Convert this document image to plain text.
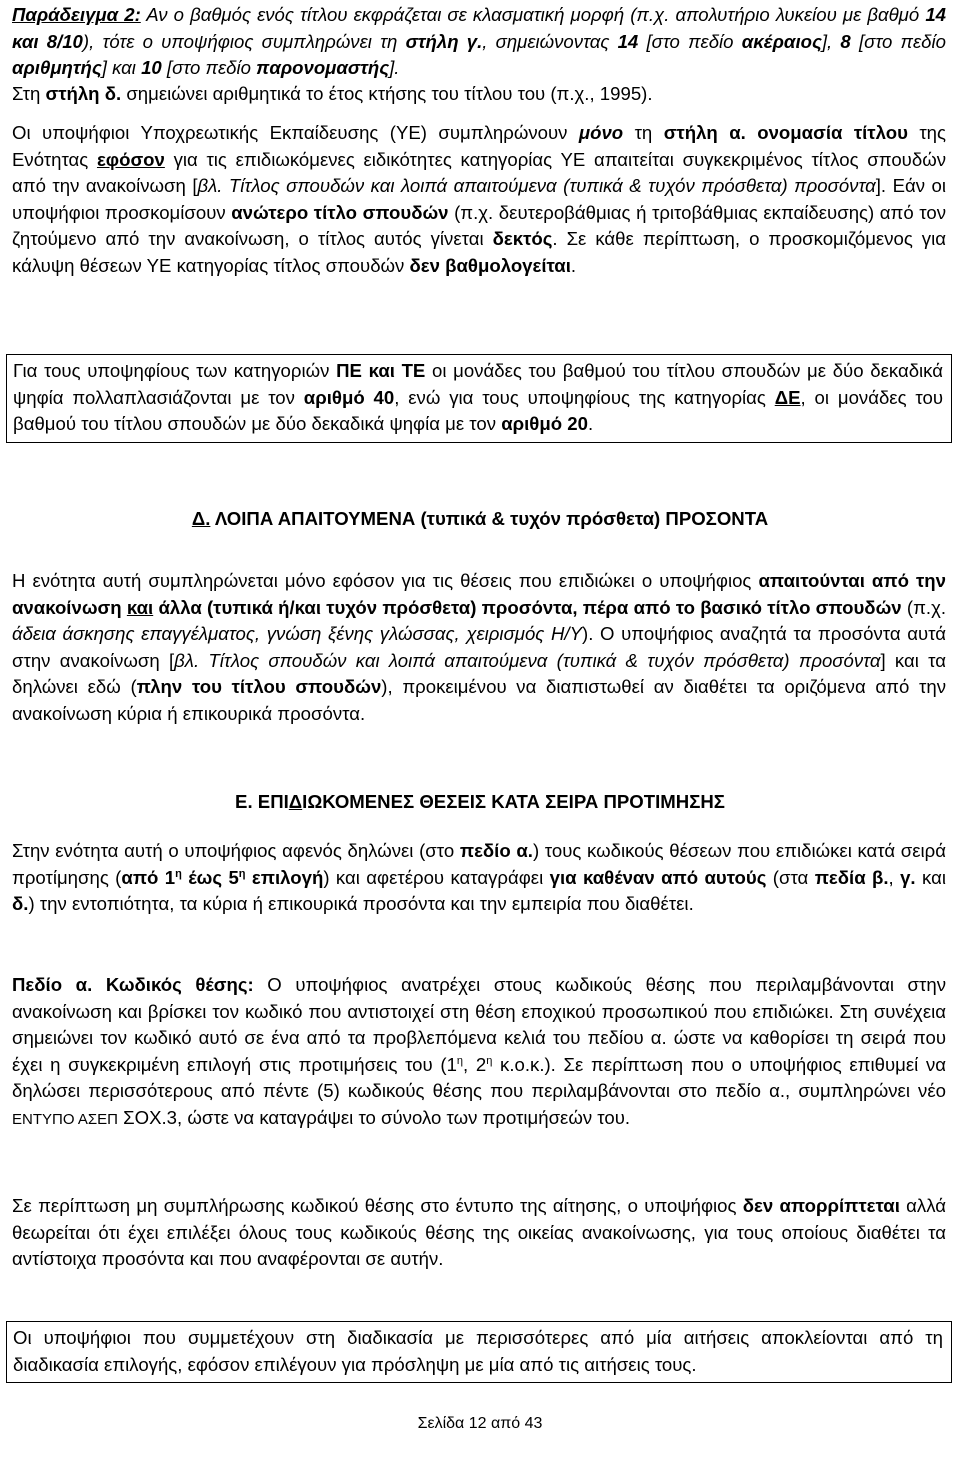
Παράδειγμα 2: Αν ο βαθμός ενός τίτλου εκφράζεται σε κλασματική μορφή (π.χ. απολυτήριο λυκείου με βαθμό 14 και 8/10), τότε ο υποψήφιος συμπληρώνει τη στήλη γ., σημειώνοντας 14 [στο πεδίο ακέραιος], 8 [στο πεδίο αριθμητής] και 10 [στο πεδίο παρονομαστής].

Στη στήλη δ. σημειώνει αριθμητικά το έτος κτήσης του τίτλου του (π.χ., 1995).

Οι υποψήφιοι Υποχρεωτικής Εκπαίδευσης (ΥΕ) συμπληρώνουν μόνο τη στήλη α. ονομασία τίτλου της Ενότητας εφόσον για τις επιδιωκόμενες ειδικότητες κατηγορίας ΥΕ απαιτείται συγκεκριμένος τίτλος σπουδών από την ανακοίνωση [βλ. Τίτλος σπουδών και λοιπά απαιτούμενα (τυπικά & τυχόν πρόσθετα) προσόντα]. Εάν οι υποψήφιοι προσκομίσουν ανώτερο τίτλο σπουδών (π.χ. δευτεροβάθμιας ή τριτοβάθμιας εκπαίδευσης) από τον ζητούμενο από την ανακοίνωση, ο τίτλος αυτός γίνεται δεκτός. Σε κάθε περίπτωση, ο προσκομιζόμενος για κάλυψη θέσεων ΥΕ κατηγορίας τίτλος σπουδών δεν βαθμολογείται.

Για τους υποψηφίους των κατηγοριών ΠΕ και ΤΕ οι μονάδες του βαθμού του τίτλου σπουδών με δύο δεκαδικά ψηφία πολλαπλασιάζονται με τον αριθμό 40, ενώ για τους υποψηφίους της κατηγορίας ΔΕ, οι μονάδες του βαθμού του τίτλου σπουδών με δύο δεκαδικά ψηφία με τον αριθμό 20.

Δ. ΛΟΙΠΑ ΑΠΑΙΤΟΥΜΕΝΑ (τυπικά & τυχόν πρόσθετα) ΠΡΟΣΟΝΤΑ

Η ενότητα αυτή συμπληρώνεται μόνο εφόσον για τις θέσεις που επιδιώκει ο υποψήφιος απαιτούνται από την ανακοίνωση και άλλα (τυπικά ή/και τυχόν πρόσθετα) προσόντα, πέρα από το βασικό τίτλο σπουδών (π.χ. άδεια άσκησης επαγγέλματος, γνώση ξένης γλώσσας, χειρισμός Η/Υ). Ο υποψήφιος αναζητά τα προσόντα αυτά στην ανακοίνωση [βλ. Τίτλος σπουδών και λοιπά απαιτούμενα (τυπικά & τυχόν πρόσθετα) προσόντα] και τα δηλώνει εδώ (πλην του τίτλου σπουδών), προκειμένου να διαπιστωθεί αν διαθέτει τα οριζόμενα από την ανακοίνωση κύρια ή επικουρικά προσόντα.

Ε. ΕΠΙΔΙΩΚΟΜΕΝΕΣ ΘΕΣΕΙΣ ΚΑΤΑ ΣΕΙΡΑ ΠΡΟΤΙΜΗΣΗΣ

Στην ενότητα αυτή ο υποψήφιος αφενός δηλώνει (στο πεδίο α.) τους κωδικούς θέσεων που επιδιώκει κατά σειρά προτίμησης (από $1^\eta$ έως $5^\eta$ επιλογή) και αφετέρου καταγράφει για καθέναν από αυτούς (στα πεδία β., γ. και δ.) την εντοπιότητα, τα κύρια ή επικουρικά προσόντα και την εμπειρία που διαθέτει.

Πεδίο α. Κωδικός θέσης: Ο υποψήφιος ανατρέχει στους κωδικούς θέσης που περιλαμβάνονται στην ανακοίνωση και βρίσκει τον κωδικό που αντιστοιχεί στη θέση εποχικού προσωπικού που επιδιώκει. Στη συνέχεια σημειώνει τον κωδικό αυτό σε ένα από τα προβλεπόμενα κελιά του πεδίου α. ώστε να καθορίσει τη σειρά που έχει η συγκεκριμένη επιλογή στις προτιμήσεις του ($1^\eta$, $2^\eta$ κ.ο.κ.). Σε περίπτωση που ο υποψήφιος επιθυμεί να δηλώσει περισσότερους από πέντε (5) κωδικούς θέσης που περιλαμβάνονται στο πεδίο α., συμπληρώνει νέο ΕΝΤΥΠΟ ΑΣΕΠ ΣΟΧ.3, ώστε να καταγράψει το σύνολο των προτιμήσεών του.

Σε περίπτωση μη συμπλήρωσης κωδικού θέσης στο έντυπο της αίτησης, ο υποψήφιος δεν απορρίπτεται αλλά θεωρείται ότι έχει επιλέξει όλους τους κωδικούς θέσης της οικείας ανακοίνωσης, για τους οποίους διαθέτει τα αντίστοιχα προσόντα και που αναφέρονται σε αυτήν.

Οι υποψήφιοι που συμμετέχουν στη διαδικασία με περισσότερες από μία αιτήσεις αποκλείονται από τη διαδικασία επιλογής, εφόσον επιλέγουν για πρόσληψη με μία από τις αιτήσεις τους.
Σελίδα 12 από 43
